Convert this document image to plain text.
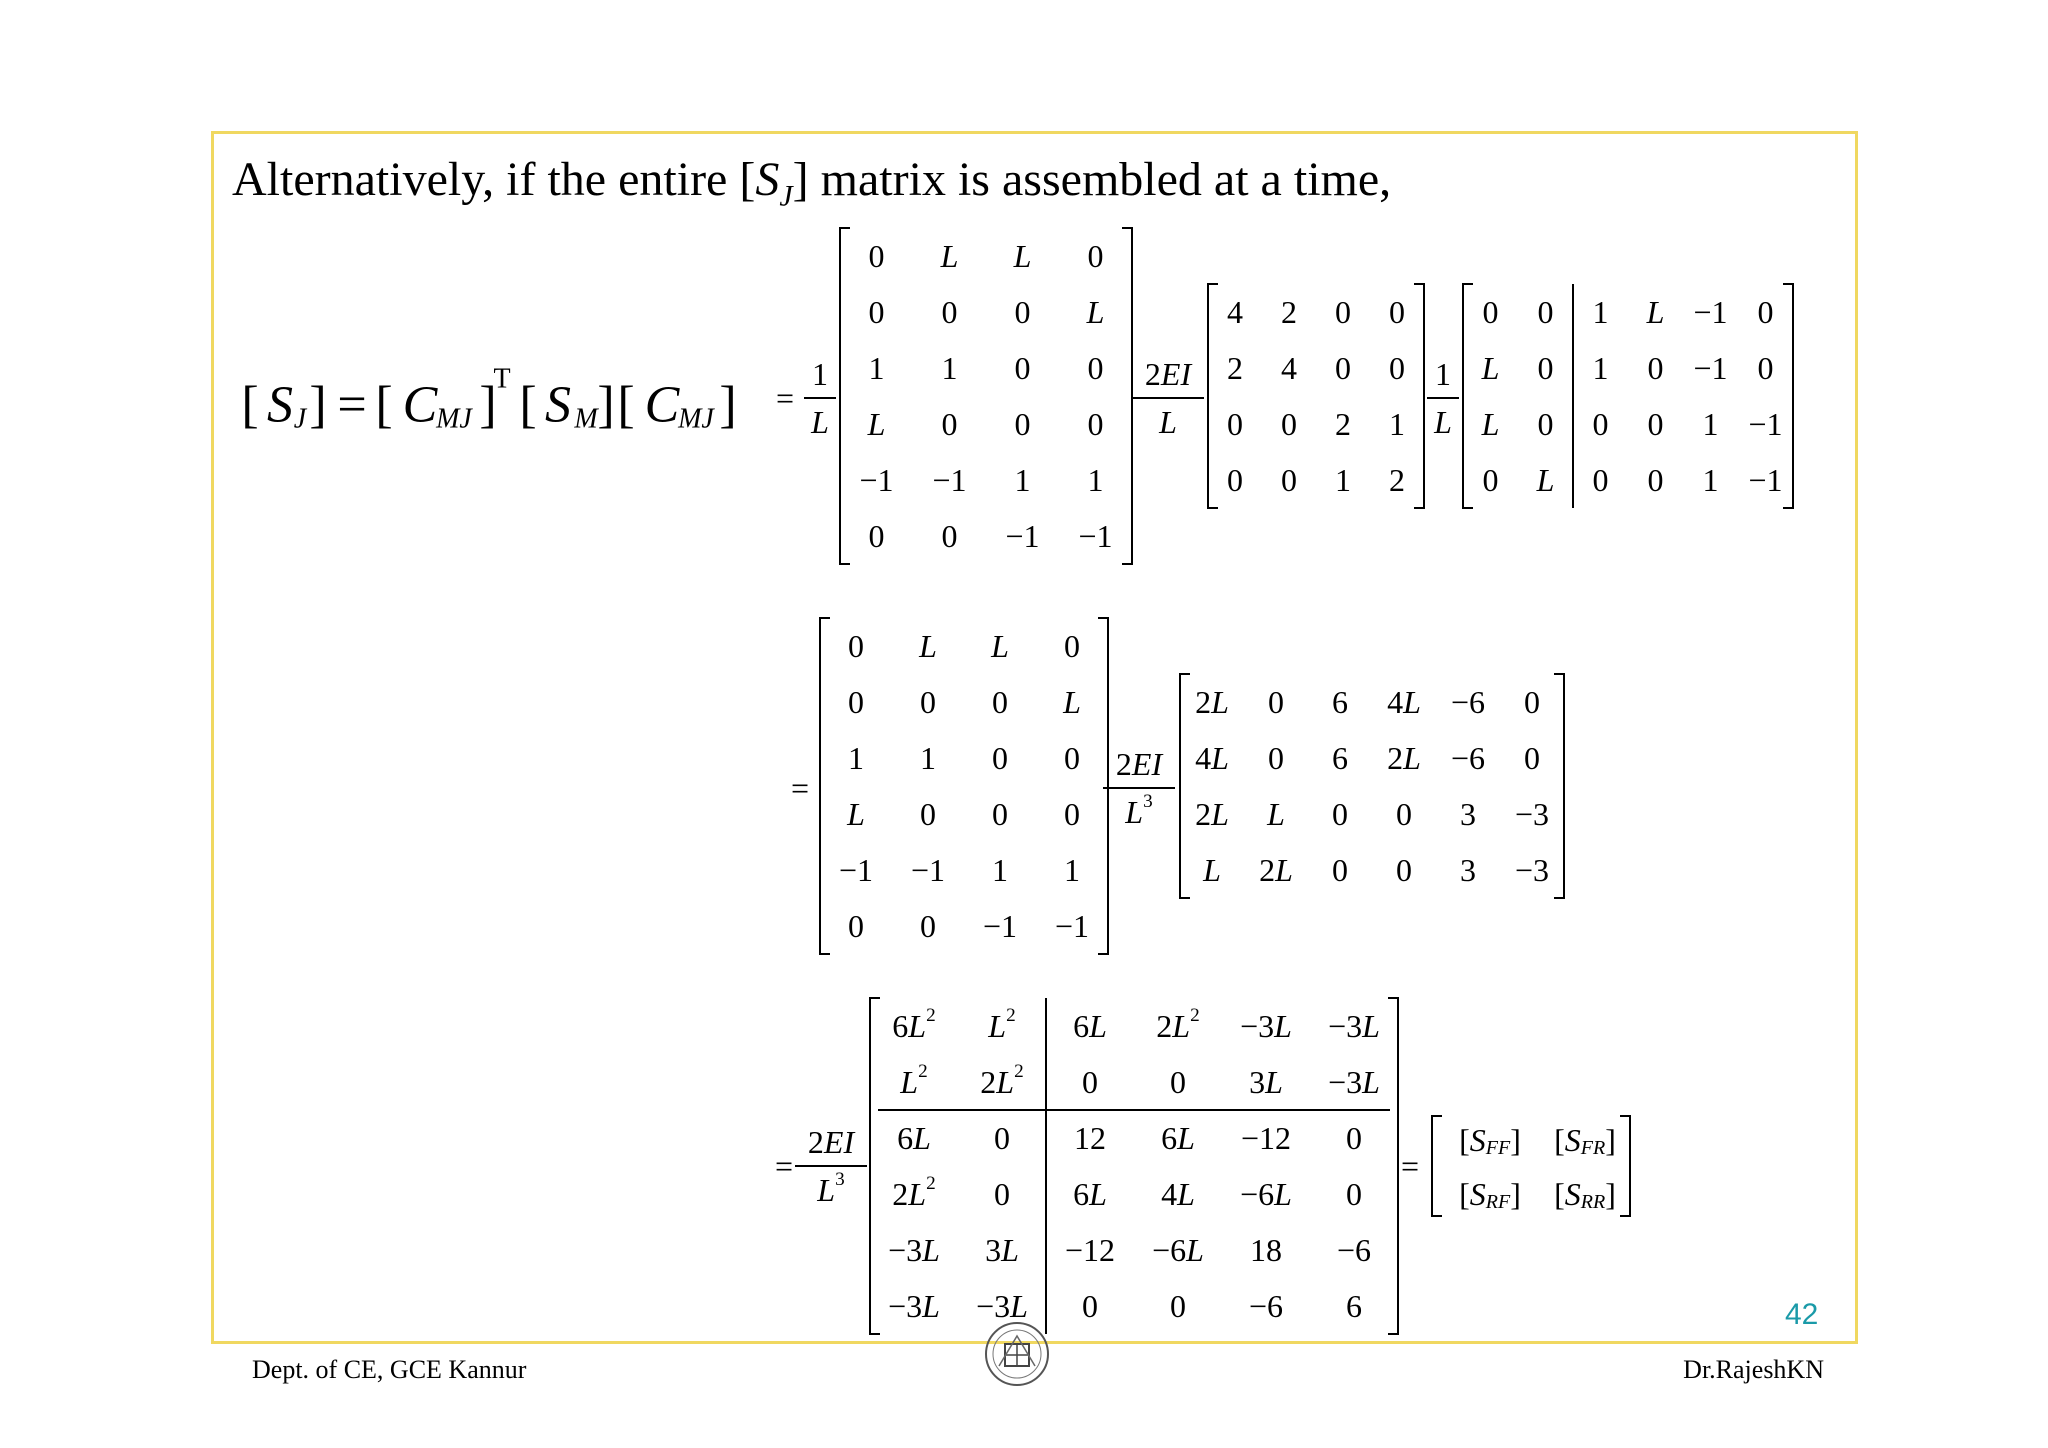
Alternatively, if the entire $[S_J]$ matrix is assembled at a time,
[ S J ] = [ C
MJ ]
T [ S M ] [ C
MJ ] =
1
L
0 L L 0
0 0 0 L
1 1 0 0
L 0 0 0
−1 −1 1 1
0 0 −1 −1
2EI
L
4 2 0 0
2 4 0 0
0 0 2 1
0 0 1 2
1
L
0 0 1 L −1 0
L 0 1 0 −1 0
L 0 0 0 1 −1
0 L 0 0 1 −1
=
0 L L 0
0 0 0 L
1 1 0 0
L 0 0 0
−1 −1 1 1
0 0 −1 −1
2EI
$L^3$
2L 0 6 4L −6 0
4L 0 6 2L −6 0
2L L 0 0 3 −3
L 2L 0 0 3 −3
=
2EI
$L^3$
$6L^2$ $L^2$ 6L $2L^2 -3L -3L$
$L^2$ $2L^2$ 0 0 3L −3L
6L 0 12 6L −12 0
$2L^2$ 0 6L 4L −6L 0
−3L 3L −12 −6L 18 −6
−3L −3L 0 0 −6 6
=
$[S_{FF}]$ $[S_{FR}]$
$[S_{RF}]$ $[S_{RR}]$
42
Dept. of CE, GCE Kannur	Dr.RajeshKN
